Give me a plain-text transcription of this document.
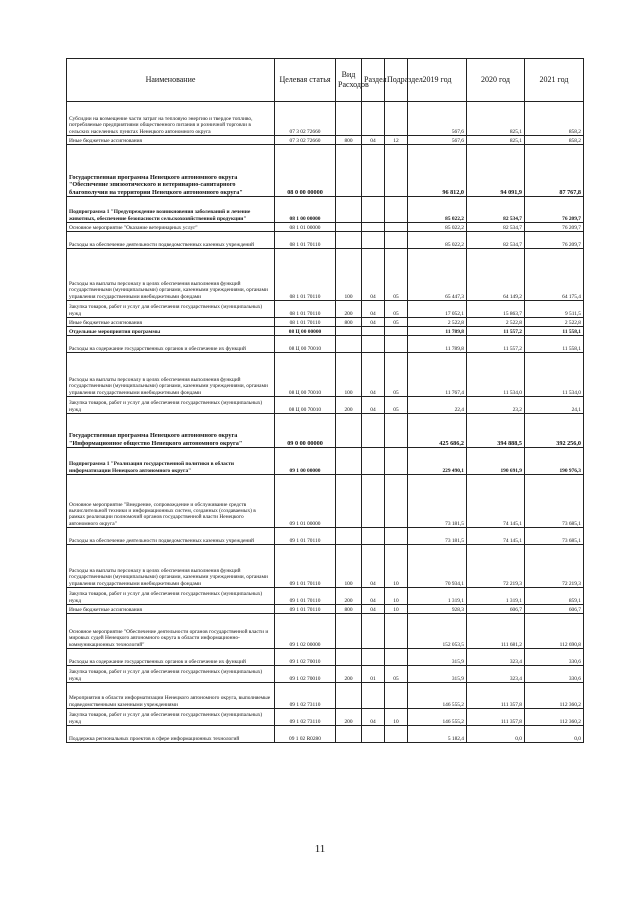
Наименование	Целевая статья	Вид Расходов	Раздел	Подраздел	2019 год	2020 год	2021 год
Субсидии на возмещение части затрат на тепловую энергию и твердое топливо, потребляемые предприятиями общественного питания и розничной торговли в сельских населенных пунктах Ненецкого автономного округа	07 3 02 72660				567,6	825,1	858,2
Иные бюджетные ассигнования	07 3 02 72660	800	04	12	567,6	825,1	858,2
Государственная программа Ненецкого автономного округа "Обеспечение эпизоотического и ветеринарно-санитарного благополучия на территории Ненецкого автономного округа"	08 0 00 00000				96 812,0	94 091,9	87 767,8
Подпрограмма 1 "Предупреждение возникновения заболеваний и лечение животных, обеспечение безопасности сельскохозяйственной продукции"	08 1 00 00000				85 022,2	82 534,7	76 209,7
Основное мероприятие "Оказание ветеринарных услуг"	08 1 01 00000				85 022,2	82 534,7	76 209,7
Расходы на обеспечение деятельности подведомственных казенных учреждений	08 1 01 70110				85 022,2	82 534,7	76 209,7
Расходы на выплаты персоналу в целях обеспечения выполнения функций государственными (муниципальными) органами, казенными учреждениями, органами управления государственными внебюджетными фондами	08 1 01 70110	100	04	05	65 447,3	64 149,2	64 175,4
Закупка товаров, работ и услуг для обеспечения государственных (муниципальных) нужд	08 1 01 70110	200	04	05	17 052,1	15 863,7	9 511,5
Иные бюджетные ассигнования	08 1 01 70110	800	04	05	2 522,8	2 522,8	2 522,8
Отдельные мероприятия программы	08 Ц 00 00000				11 789,8	11 557,2	11 558,1
Расходы на содержание государственных органов и обеспечение их функций	08 Ц 00 70010				11 789,8	11 557,2	11 558,1
Расходы на выплаты персоналу в целях обеспечения выполнения функций государственными (муниципальными) органами, казенными учреждениями, органами управления государственными внебюджетными фондами	08 Ц 00 70010	100	04	05	11 767,4	11 534,0	11 534,0
Закупка товаров, работ и услуг для обеспечения государственных (муниципальных) нужд	08 Ц 00 70010	200	04	05	22,4	23,2	24,1
Государственная программа Ненецкого автономного округа "Информационное общество Ненецкого автономного округа"	09 0 00 00000				425 686,2	394 888,5	392 256,0
Подпрограмма 1 "Реализация государственной политики в области информатизации Ненецкого автономного округа"	09 1 00 00000				229 490,1	190 691,9	190 976,3
Основное мероприятие "Внедрение, сопровождение и обслуживание средств вычислительной техники и информационных систем, созданных (создаваемых) в рамках реализации полномочий органов государственной власти Ненецкого автономного округа"	09 1 01 00000				73 181,5	74 145,1	73 685,1
Расходы на обеспечение деятельности подведомственных казенных учреждений	09 1 01 70110				73 181,5	74 145,1	73 685,1
Расходы на выплаты персоналу в целях обеспечения выполнения функций государственными (муниципальными) органами, казенными учреждениями, органами управления государственными внебюджетными фондами	09 1 01 70110	100	04	10	70 934,1	72 219,3	72 219,3
Закупка товаров, работ и услуг для обеспечения государственных (муниципальных) нужд	09 1 01 70110	200	04	10	1 319,1	1 319,1	859,1
Иные бюджетные ассигнования	09 1 01 70110	800	04	10	928,3	606,7	606,7
Основное мероприятие "Обеспечение деятельности органов государственной власти и мировых судей Ненецкого автономного округа в области информационно-коммуникационных технологий"	09 1 02 00000				152 053,5	111 681,2	112 690,8
Расходы на содержание государственных органов и обеспечение их функций	09 1 02 70010				315,9	323,4	330,6
Закупка товаров, работ и услуг для обеспечения государственных (муниципальных) нужд	09 1 02 70010	200	01	05	315,9	323,4	330,6
Мероприятия в области информатизации Ненецкого автономного округа, выполняемые подведомственными казенными учреждениями	09 1 02 73110				146 555,2	111 357,8	112 360,2
Закупка товаров, работ и услуг для обеспечения государственных (муниципальных) нужд	09 1 02 73110	200	04	10	146 555,2	111 357,8	112 360,2
Поддержка региональных проектов в сфере информационных технологий	09 1 02 R0280				5 182,4	0,0	0,0
11
